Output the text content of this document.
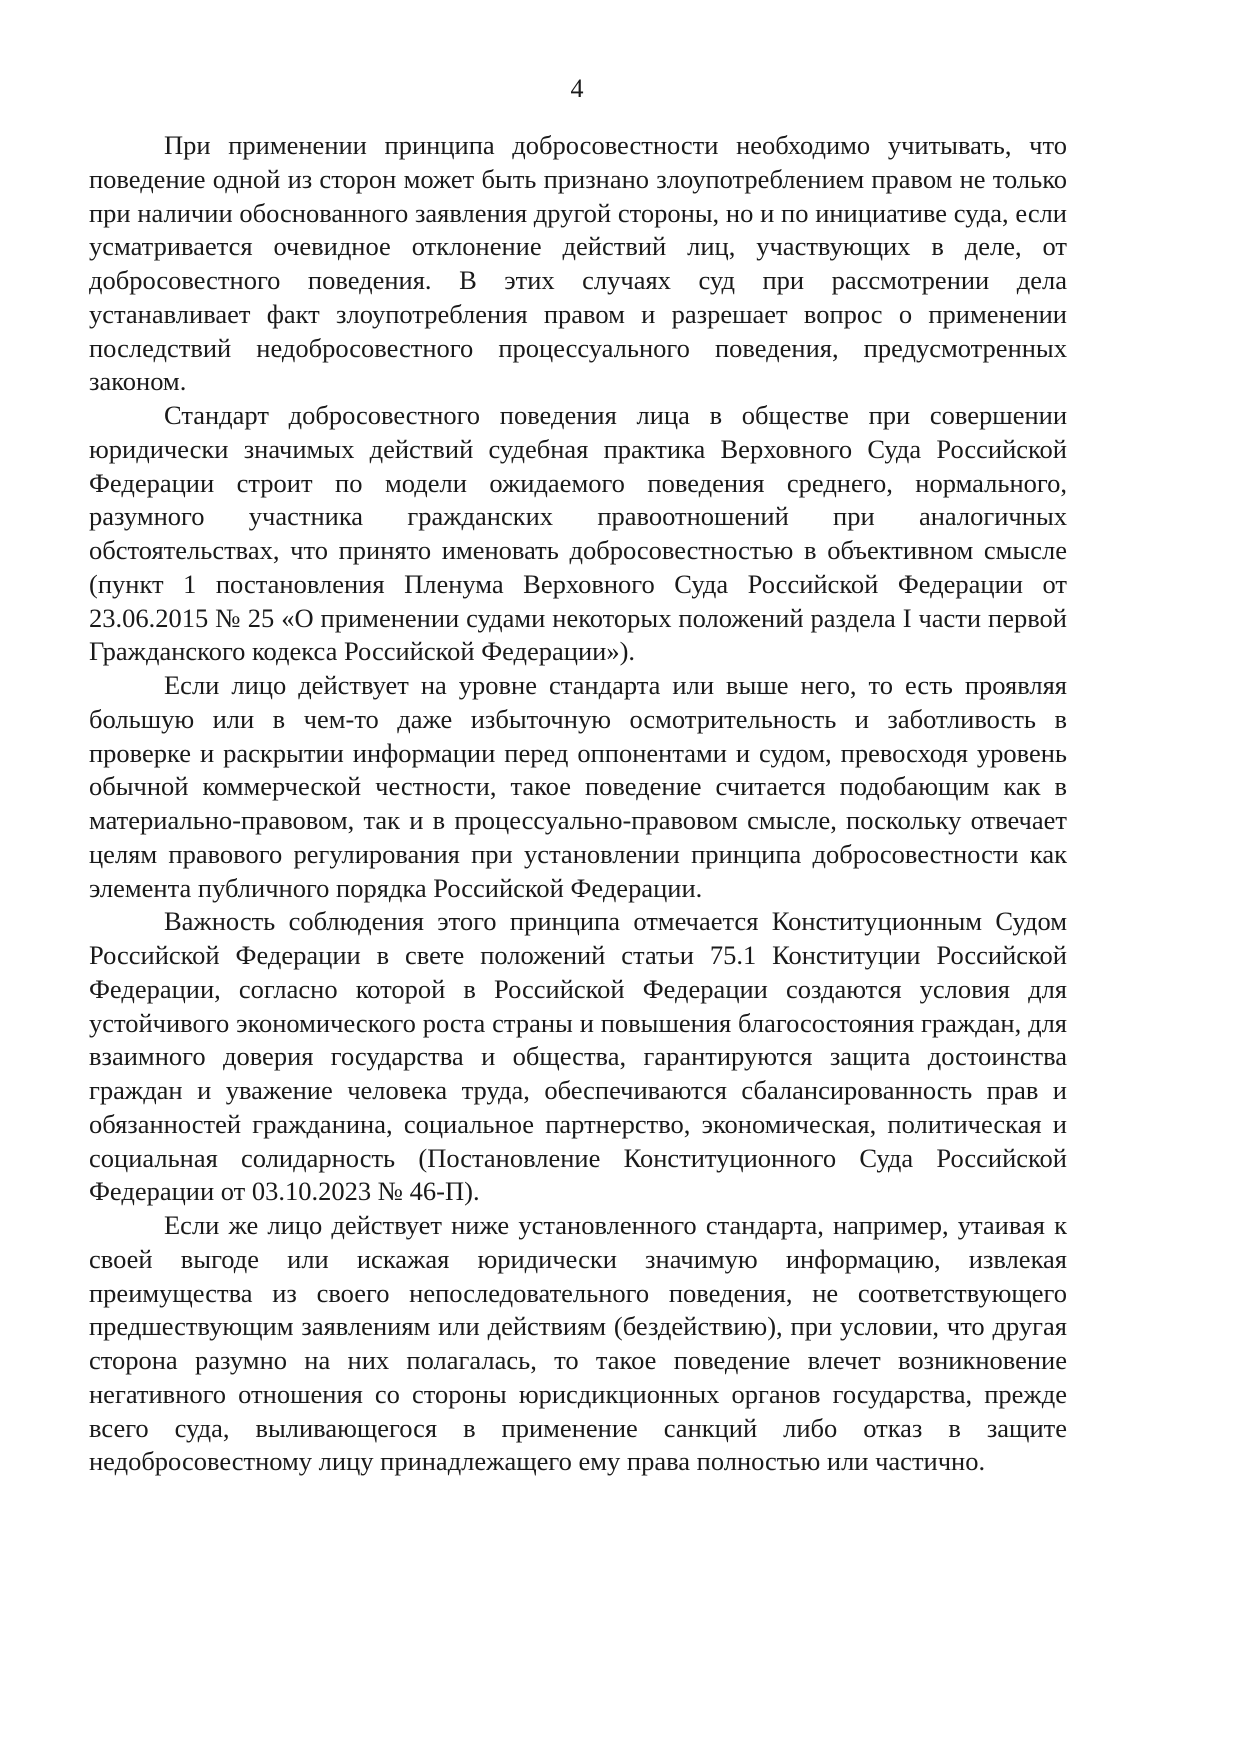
4

При применении принципа добросовестности необходимо учитывать, что поведение одной из сторон может быть признано злоупотреблением правом не только при наличии обоснованного заявления другой стороны, но и по инициативе суда, если усматривается очевидное отклонение действий лиц, участвующих в деле, от добросовестного поведения. В этих случаях суд при рассмотрении дела устанавливает факт злоупотребления правом и разрешает вопрос о применении последствий недобросовестного процессуального поведения, предусмотренных законом.

Стандарт добросовестного поведения лица в обществе при совершении юридически значимых действий судебная практика Верховного Суда Российской Федерации строит по модели ожидаемого поведения среднего, нормального, разумного участника гражданских правоотношений при аналогичных обстоятельствах, что принято именовать добросовестностью в объективном смысле (пункт 1 постановления Пленума Верховного Суда Российской Федерации от 23.06.2015 № 25 «О применении судами некоторых положений раздела I части первой Гражданского кодекса Российской Федерации»).

Если лицо действует на уровне стандарта или выше него, то есть проявляя большую или в чем-то даже избыточную осмотрительность и заботливость в проверке и раскрытии информации перед оппонентами и судом, превосходя уровень обычной коммерческой честности, такое поведение считается подобающим как в материально-правовом, так и в процессуально-правовом смысле, поскольку отвечает целям правового регулирования при установлении принципа добросовестности как элемента публичного порядка Российской Федерации.

Важность соблюдения этого принципа отмечается Конституционным Судом Российской Федерации в свете положений статьи 75.1 Конституции Российской Федерации, согласно которой в Российской Федерации создаются условия для устойчивого экономического роста страны и повышения благосостояния граждан, для взаимного доверия государства и общества, гарантируются защита достоинства граждан и уважение человека труда, обеспечиваются сбалансированность прав и обязанностей гражданина, социальное партнерство, экономическая, политическая и социальная солидарность (Постановление Конституционного Суда Российской Федерации от 03.10.2023 № 46-П).

Если же лицо действует ниже установленного стандарта, например, утаивая к своей выгоде или искажая юридически значимую информацию, извлекая преимущества из своего непоследовательного поведения, не соответствующего предшествующим заявлениям или действиям (бездействию), при условии, что другая сторона разумно на них полагалась, то такое поведение влечет возникновение негативного отношения со стороны юрисдикционных органов государства, прежде всего суда, выливающегося в применение санкций либо отказ в защите недобросовестному лицу принадлежащего ему права полностью или частично.
